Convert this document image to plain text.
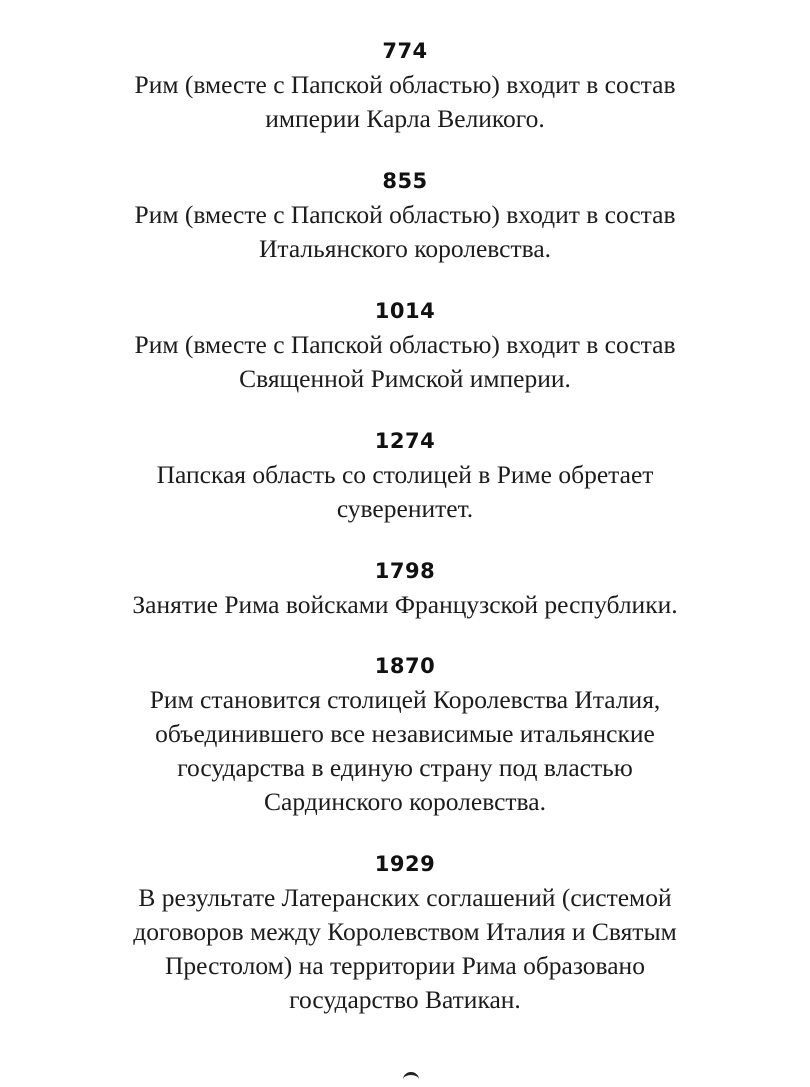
774
Рим (вместе с Папской областью) входит в состав
империи Карла Великого.
855
Рим (вместе с Папской областью) входит в состав
Итальянского королевства.
1014
Рим (вместе с Папской областью) входит в состав
Священной Римской империи.
1274
Папская область со столицей в Риме обретает
суверенитет.
1798
Занятие Рима войсками Французской республики.
1870
Рим становится столицей Королевства Италия,
объединившего все независимые итальянские
государства в единую страну под властью
Сардинского королевства.
1929
В результате Латеранских соглашений (системой
договоров между Королевством Италия и Святым
Престолом) на территории Рима образовано
государство Ватикан.
